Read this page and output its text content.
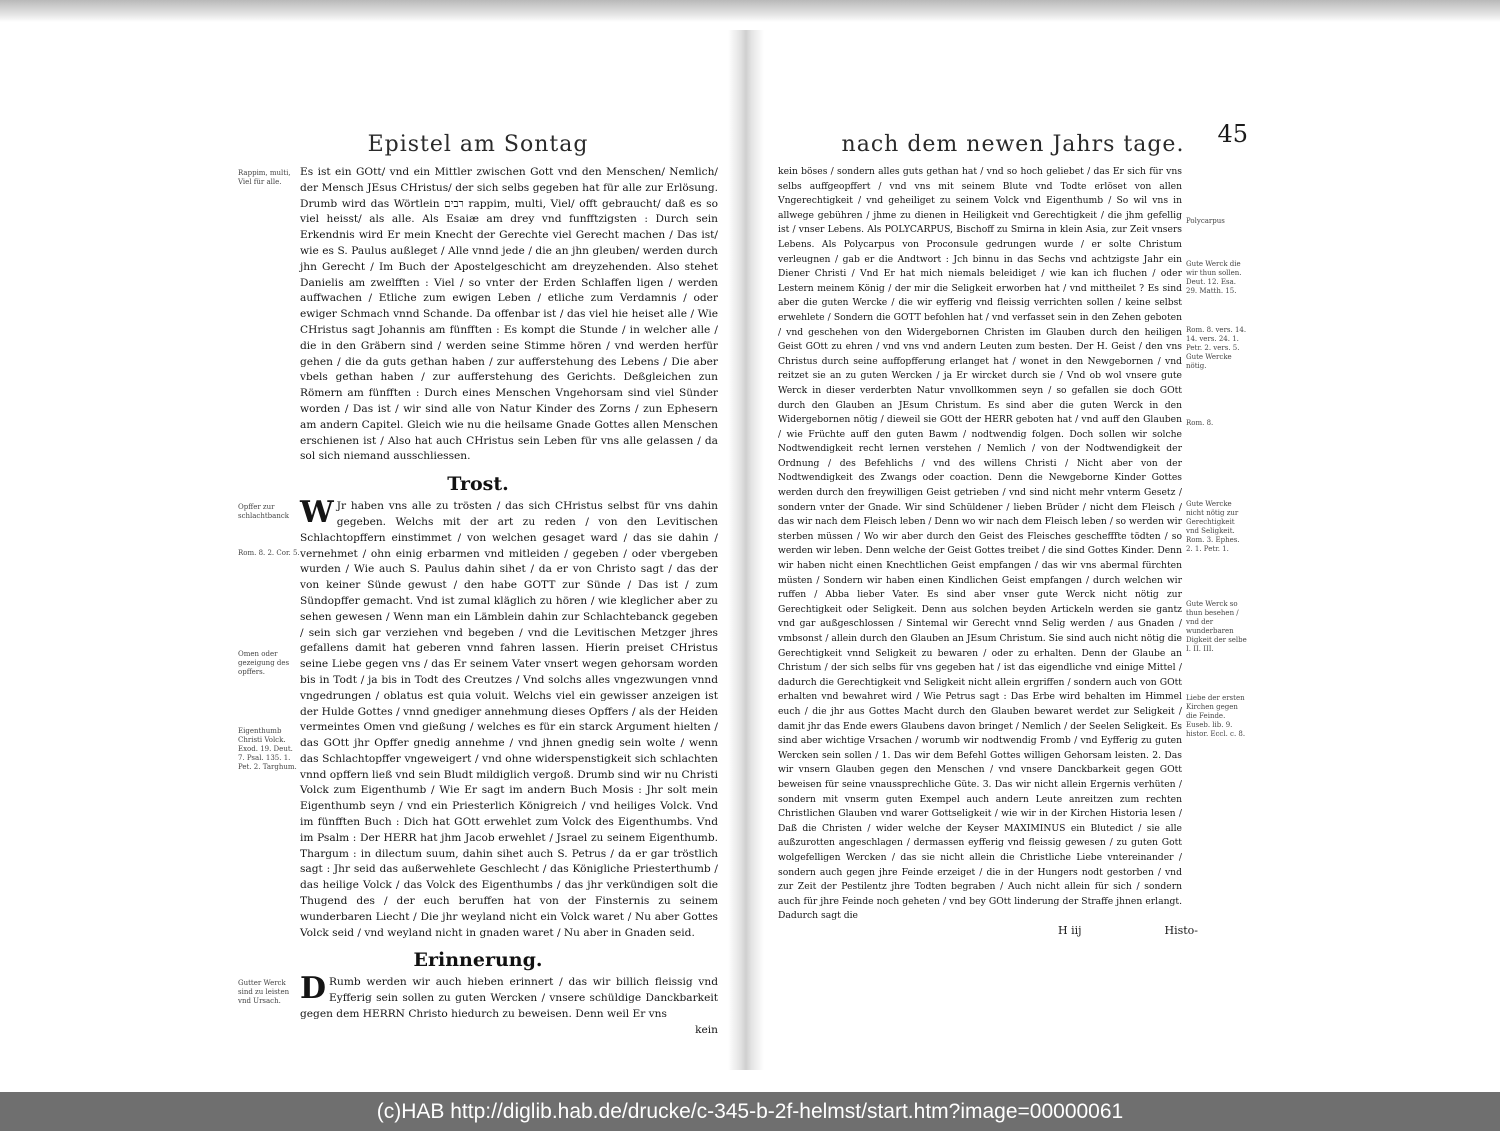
Epistel am Sontag
Rappim, multi, Viel für alle.
Es ist ein GOtt/ vnd ein Mittler zwischen Gott vnd den Menschen/ Nemlich/ der Mensch JEsus CHristus/ der sich selbs gegeben hat für alle zur Erlösung. Drumb wird das Wörtlein רבים rappim, multi, Viel/ offt gebraucht/ daß es so viel heisst/ als alle. Als Esaiæ am drey vnd funfftzigsten : Durch sein Erkendnis wird Er mein Knecht der Gerechte viel Gerecht machen / Das ist/ wie es S. Paulus außleget / Alle vnnd jede / die an jhn gleuben/ werden durch jhn Gerecht / Im Buch der Apostelgeschicht am dreyzehenden. Also stehet Danielis am zwelfften : Viel / so vnter der Erden Schlaffen ligen / werden auffwachen / Etliche zum ewigen Leben / etliche zum Verdamnis / oder ewiger Schmach vnnd Schande. Da offenbar ist / das viel hie heiset alle / Wie CHristus sagt Johannis am fünfften : Es kompt die Stunde / in welcher alle / die in den Gräbern sind / werden seine Stimme hören / vnd werden herfür gehen / die da guts gethan haben / zur aufferstehung des Lebens / Die aber vbels gethan haben / zur aufferstehung des Gerichts. Deßgleichen zun Römern am fünfften : Durch eines Menschen Vngehorsam sind viel Sünder worden / Das ist / wir sind alle von Natur Kinder des Zorns / zun Ephesern am andern Capitel. Gleich wie nu die heilsame Gnade Gottes allen Menschen erschienen ist / Also hat auch CHristus sein Leben für vns alle gelassen / da sol sich niemand ausschliessen.
Trost.
Opffer zur schlachtbanck
Rom. 8. 2. Cor. 5.
Omen oder gezeigung des opffers.
Eigenthumb Christi Volck. Exod. 19. Deut. 7. Psal. 135. 1. Pet. 2. Targhum.
W Jr haben vns alle zu trösten / das sich CHristus selbst für vns dahin gegeben. Welchs mit der art zu reden / von den Levitischen Schlachtopffern einstimmet / von welchen gesaget ward / das sie dahin / vernehmet / ohn einig erbarmen vnd mitleiden / gegeben / oder vbergeben wurden / Wie auch S. Paulus dahin sihet / da er von Christo sagt / das der von keiner Sünde gewust / den habe GOTT zur Sünde / Das ist / zum Sündopffer gemacht. Vnd ist zumal kläglich zu hören / wie kleglicher aber zu sehen gewesen / Wenn man ein Lämblein dahin zur Schlachtebanck gegeben / sein sich gar verziehen vnd begeben / vnd die Levitischen Metzger jhres gefallens damit hat geberen vnnd fahren lassen. Hierin preiset CHristus seine Liebe gegen vns / das Er seinem Vater vnsert wegen gehorsam worden bis in Todt / ja bis in Todt des Creutzes / Vnd solchs alles vngezwungen vnnd vngedrungen / oblatus est quia voluit. Welchs viel ein gewisser anzeigen ist der Hulde Gottes / vnnd gnediger annehmung dieses Opffers / als der Heiden vermeintes Omen vnd gießung / welches es für ein starck Argument hielten / das GOtt jhr Opffer gnedig annehme / vnd jhnen gnedig sein wolte / wenn das Schlachtopffer vngeweigert / vnd ohne widerspenstigkeit sich schlachten vnnd opffern ließ vnd sein Bludt mildiglich vergoß. Drumb sind wir nu Christi Volck zum Eigenthumb / Wie Er sagt im andern Buch Mosis : Jhr solt mein Eigenthumb seyn / vnd ein Priesterlich Königreich / vnd heiliges Volck. Vnd im fünfften Buch : Dich hat GOtt erwehlet zum Volck des Eigenthumbs. Vnd im Psalm : Der HERR hat jhm Jacob erwehlet / Jsrael zu seinem Eigenthumb. Thargum : in dilectum suum, dahin sihet auch S. Petrus / da er gar tröstlich sagt : Jhr seid das außerwehlete Geschlecht / das Königliche Priesterthumb / das heilige Volck / das Volck des Eigenthumbs / das jhr verkündigen solt die Thugend des / der euch beruffen hat von der Finsternis zu seinem wunderbaren Liecht / Die jhr weyland nicht ein Volck waret / Nu aber Gottes Volck seid / vnd weyland nicht in gnaden waret / Nu aber in Gnaden seid.
Erinnerung.
Gutter Werck sind zu leisten vnd Ursach. D Rumb werden wir auch hieben erinnert / das wir billich fleissig vnd Eyfferig sein sollen zu guten Wercken / vnsere schüldige Danckbarkeit gegen dem HERRN Christo hiedurch zu beweisen. Denn weil Er vns
kein
nach dem newen Jahrs tage.	45
kein böses / sondern alles guts gethan hat / vnd so hoch geliebet / das Er sich für vns selbs auffgeopffert / vnd vns mit seinem Blute vnd Todte erlöset von allen Vngerechtigkeit / vnd geheiliget zu seinem Volck vnd Eigenthumb / So wil vns in allwege gebühren / jhme zu dienen in Heiligkeit vnd Gerechtigkeit / die jhm gefellig ist / vnser Lebens. Als POLYCARPUS, Bischoff zu Smirna in klein Asia, zur Zeit vnsers Lebens. Als Polycarpus von Proconsule gedrungen wurde / er solte Christum verleugnen / gab er die Andtwort : Jch binnu in das Sechs vnd achtzigste Jahr ein Diener Christi / Vnd Er hat mich niemals beleidiget / wie kan ich fluchen / oder Lestern meinem König / der mir die Seligkeit erworben hat / vnd mittheilet ? Es sind aber die guten Wercke / die wir eyfferig vnd fleissig verrichten sollen / keine selbst erwehlete / Sondern die GOTT befohlen hat / vnd verfasset sein in den Zehen geboten / vnd geschehen von den Widergebornen Christen im Glauben durch den heiligen Geist GOtt zu ehren / vnd vns vnd andern Leuten zum besten. Der H. Geist / den vns Christus durch seine auffopfferung erlanget hat / wonet in den Newgebornen / vnd reitzet sie an zu guten Wercken / ja Er wircket durch sie / Vnd ob wol vnsere gute Werck in dieser verderbten Natur vnvollkommen seyn / so gefallen sie doch GOtt durch den Glauben an JEsum Christum. Es sind aber die guten Werck in den Widergebornen nötig / dieweil sie GOtt der HERR geboten hat / vnd auff den Glauben / wie Früchte auff den guten Bawm / nodtwendig folgen. Doch sollen wir solche Nodtwendigkeit recht lernen verstehen / Nemlich / von der Nodtwendigkeit der Ordnung / des Befehlichs / vnd des willens Christi / Nicht aber von der Nodtwendigkeit des Zwangs oder coaction. Denn die Newgeborne Kinder Gottes werden durch den freywilligen Geist getrieben / vnd sind nicht mehr vnterm Gesetz / sondern vnter der Gnade. Wir sind Schüldener / lieben Brüder / nicht dem Fleisch / das wir nach dem Fleisch leben / Denn wo wir nach dem Fleisch leben / so werden wir sterben müssen / Wo wir aber durch den Geist des Fleisches geschefffte tödten / so werden wir leben. Denn welche der Geist Gottes treibet / die sind Gottes Kinder. Denn wir haben nicht einen Knechtlichen Geist empfangen / das wir vns abermal fürchten müsten / Sondern wir haben einen Kindlichen Geist empfangen / durch welchen wir ruffen / Abba lieber Vater. Es sind aber vnser gute Werck nicht nötig zur Gerechtigkeit oder Seligkeit. Denn aus solchen beyden Artickeln werden sie gantz vnd gar außgeschlossen / Sintemal wir Gerecht vnnd Selig werden / aus Gnaden / vmbsonst / allein durch den Glauben an JEsum Christum. Sie sind auch nicht nötig die Gerechtigkeit vnnd Seligkeit zu bewaren / oder zu erhalten. Denn der Glaube an Christum / der sich selbs für vns gegeben hat / ist das eigendliche vnd einige Mittel / dadurch die Gerechtigkeit vnd Seligkeit nicht allein ergriffen / sondern auch von GOtt erhalten vnd bewahret wird / Wie Petrus sagt : Das Erbe wird behalten im Himmel euch / die jhr aus Gottes Macht durch den Glauben bewaret werdet zur Seligkeit / damit jhr das Ende ewers Glaubens davon bringet / Nemlich / der Seelen Seligkeit. Es sind aber wichtige Vrsachen / worumb wir nodtwendig Fromb / vnd Eyfferig zu guten Wercken sein sollen / 1. Das wir dem Befehl Gottes willigen Gehorsam leisten. 2. Das wir vnsern Glauben gegen den Menschen / vnd vnsere Danckbarkeit gegen GOtt beweisen für seine vnaussprechliche Güte. 3. Das wir nicht allein Ergernis verhüten / sondern mit vnserm guten Exempel auch andern Leute anreitzen zum rechten Christlichen Glauben vnd warer Gottseligkeit / wie wir in der Kirchen Historia lesen / Daß die Christen / wider welche der Keyser MAXIMINUS ein Blutedict / sie alle außzurotten angeschlagen / dermassen eyfferig vnd fleissig gewesen / zu guten Gott wolgefelligen Wercken / das sie nicht allein die Christliche Liebe vntereinander / sondern auch gegen jhre Feinde erzeiget / die in der Hungers nodt gestorben / vnd zur Zeit der Pestilentz jhre Todten begraben / Auch nicht allein für sich / sondern auch für jhre Feinde noch geheten / vnd bey GOtt linderung der Straffe jhnen erlangt. Dadurch sagt die
Polycarpus
Gute Werck die wir thun sollen. Deut. 12. Esa. 29. Matth. 15.
Rom. 8. vers. 14. 14. vers. 24. 1. Petr. 2. vers. 5. Gute Wercke nötig.
Rom. 8.
Gute Wercke nicht nötig zur Gerechtigkeit vnd Seligkeit. Rom. 3. Ephes. 2. 1. Petr. 1.
Gute Werck so thun besehen / vnd der wunderbaren Digkeit der selbe I. II. III.
Liebe der ersten Kirchen gegen die Feinde. Euseb. lib. 9. histor. Eccl. c. 8.
H iij	Histo-
(c)HAB http://diglib.hab.de/drucke/c-345-b-2f-helmst/start.htm?image=00000061
